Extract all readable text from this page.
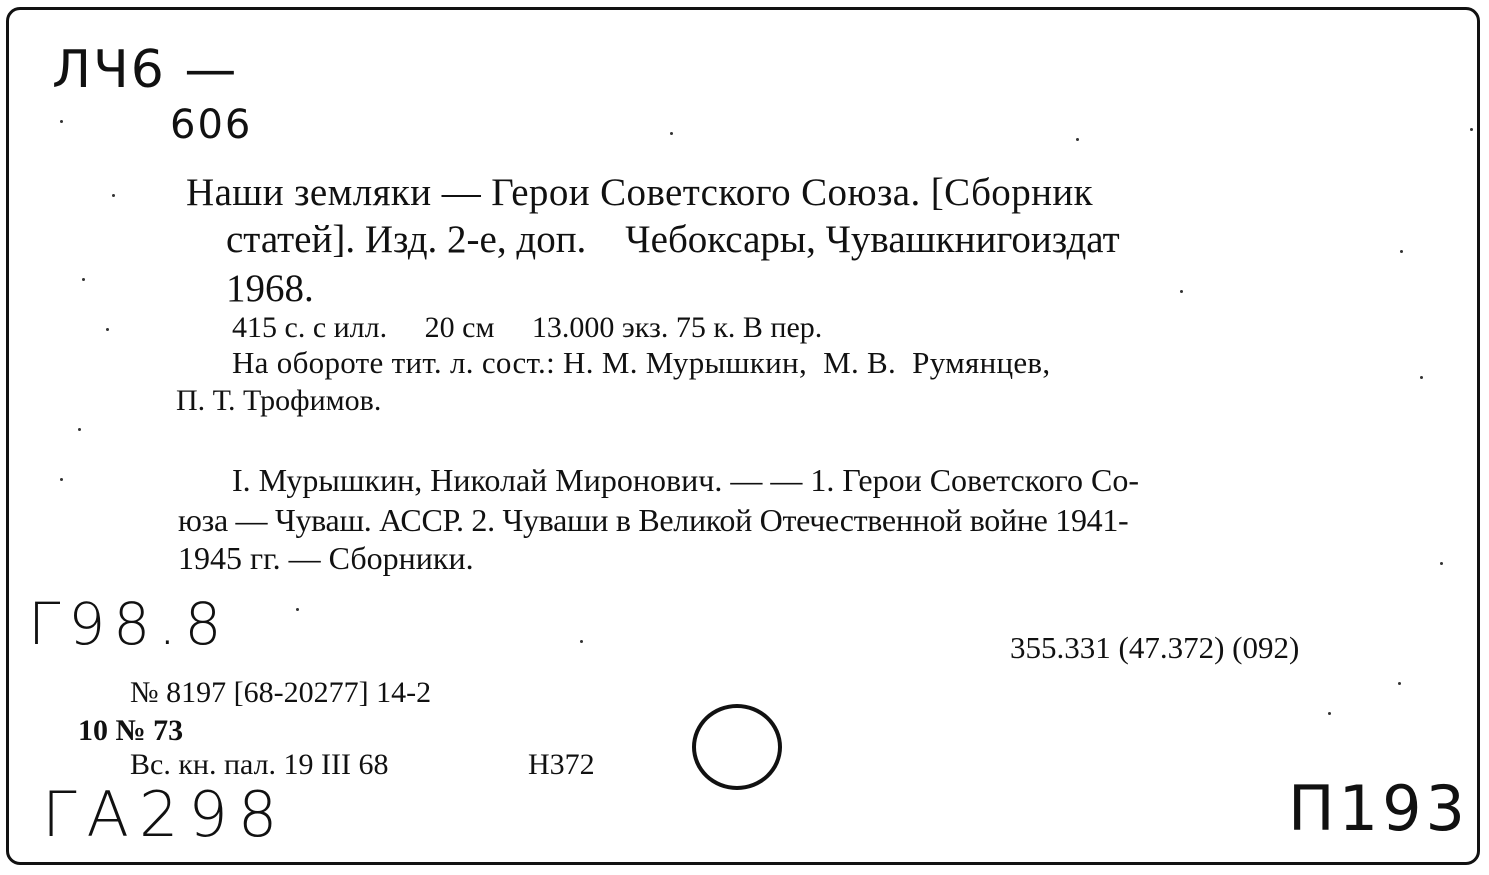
ЛЧ6 —
606
Г98.8
ГА298	П193
Наши земляки — Герои Советского Союза. [Сборник
статей]. Изд. 2-е, доп.    Чебоксары, Чувашкнигоиздат
1968.
415 с. с илл.     20 см     13.000 экз. 75 к. В пер.
На обороте тит. л. сост.: Н. М. Мурышкин,  М. В.  Румянцев,
П. Т. Трофимов.
I. Мурышкин, Николай Миронович. — — 1. Герои Советского Со-
юза — Чуваш. АССР. 2. Чуваши в Великой Отечественной войне 1941-
1945 гг. — Сборники.
355.331 (47.372) (092)
№ 8197 [68-20277] 14-2
10 № 73
Вс. кн. пал. 19 III 68	Н372
